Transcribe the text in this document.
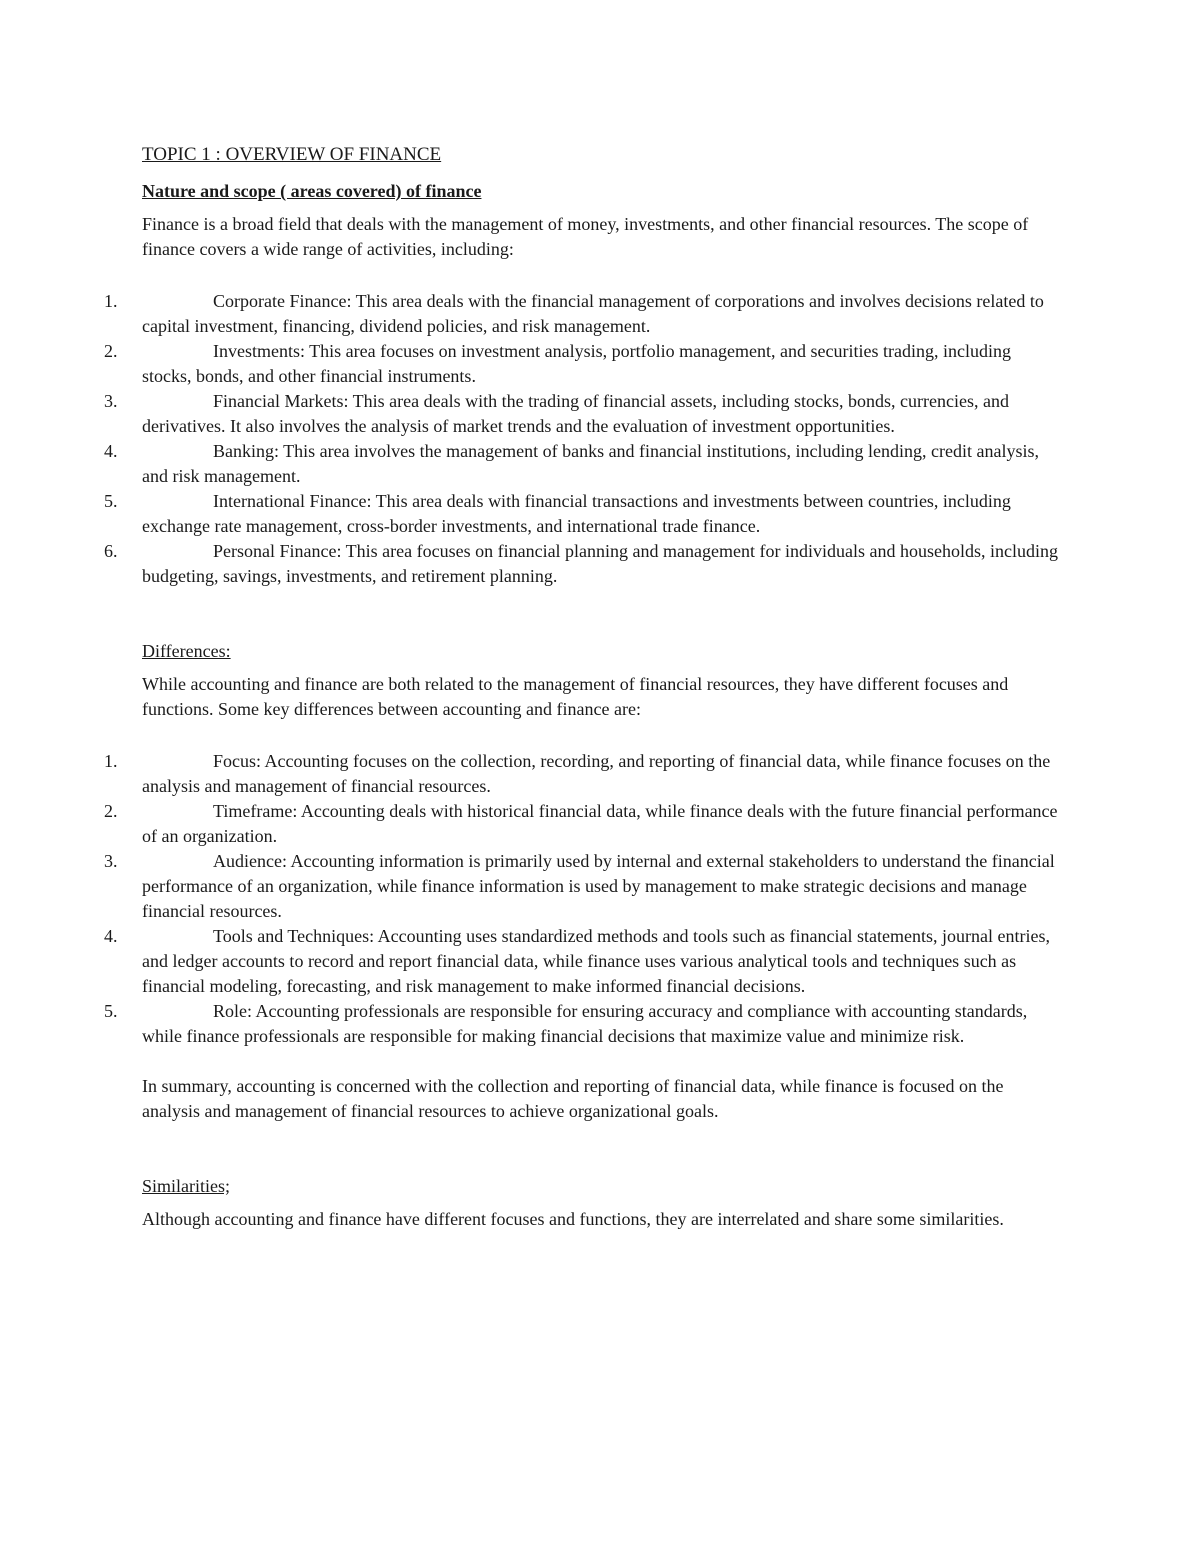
TOPIC 1 : OVERVIEW OF FINANCE
Nature and scope ( areas covered) of finance

Finance is a broad field that deals with the management of money, investments, and other financial resources. The scope of finance covers a wide range of activities, including:

1.	Corporate Finance: This area deals with the financial management of corporations and involves decisions related to capital investment, financing, dividend policies, and risk management.
2.	Investments: This area focuses on investment analysis, portfolio management, and securities trading, including stocks, bonds, and other financial instruments.
3.	Financial Markets: This area deals with the trading of financial assets, including stocks, bonds, currencies, and derivatives. It also involves the analysis of market trends and the evaluation of investment opportunities.
4.	Banking: This area involves the management of banks and financial institutions, including lending, credit analysis, and risk management.
5.	International Finance: This area deals with financial transactions and investments between countries, including exchange rate management, cross-border investments, and international trade finance.
6.	Personal Finance: This area focuses on financial planning and management for individuals and households, including budgeting, savings, investments, and retirement planning.
Differences:

While accounting and finance are both related to the management of financial resources, they have different focuses and functions. Some key differences between accounting and finance are:

1.	Focus: Accounting focuses on the collection, recording, and reporting of financial data, while finance focuses on the analysis and management of financial resources.
2.	Timeframe: Accounting deals with historical financial data, while finance deals with the future financial performance of an organization.
3.	Audience: Accounting information is primarily used by internal and external stakeholders to understand the financial performance of an organization, while finance information is used by management to make strategic decisions and manage financial resources.
4.	Tools and Techniques: Accounting uses standardized methods and tools such as financial statements, journal entries, and ledger accounts to record and report financial data, while finance uses various analytical tools and techniques such as financial modeling, forecasting, and risk management to make informed financial decisions.
5.	Role: Accounting professionals are responsible for ensuring accuracy and compliance with accounting standards, while finance professionals are responsible for making financial decisions that maximize value and minimize risk.

In summary, accounting is concerned with the collection and reporting of financial data, while finance is focused on the analysis and management of financial resources to achieve organizational goals.

Similarities;

Although accounting and finance have different focuses and functions, they are interrelated and share some similarities.
